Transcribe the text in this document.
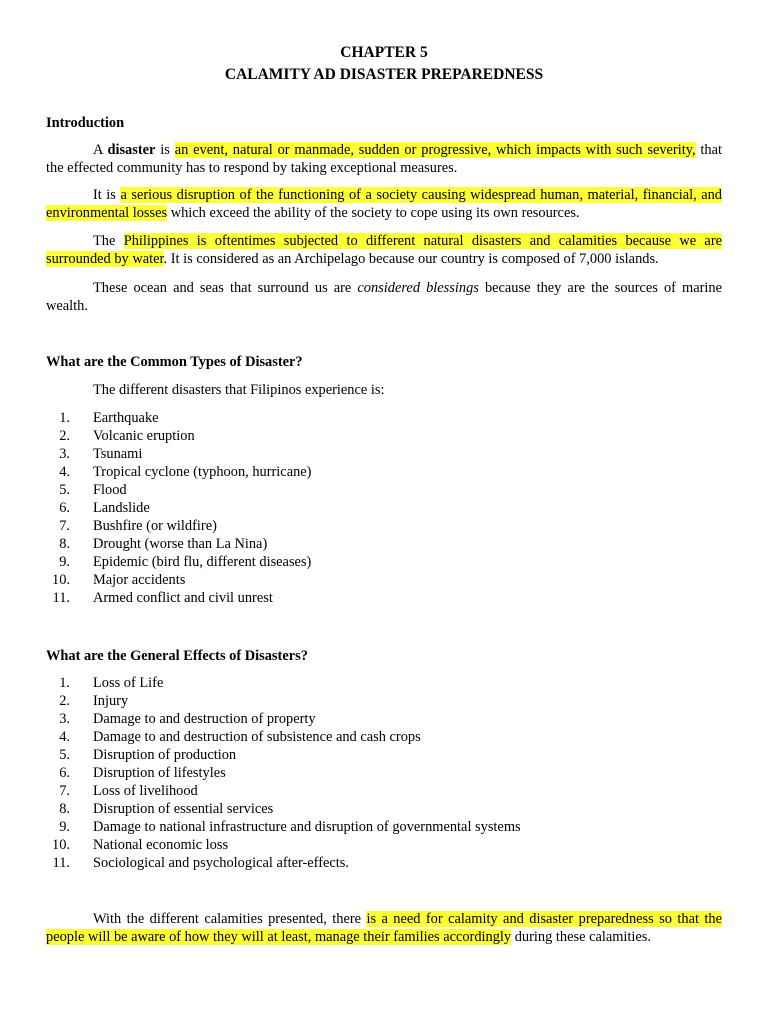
CHAPTER 5
CALAMITY AD DISASTER PREPAREDNESS
Introduction
A disaster is an event, natural or manmade, sudden or progressive, which impacts with such severity, that the effected community has to respond by taking exceptional measures.
It is a serious disruption of the functioning of a society causing widespread human, material, financial, and environmental losses which exceed the ability of the society to cope using its own resources.
The Philippines is oftentimes subjected to different natural disasters and calamities because we are surrounded by water. It is considered as an Archipelago because our country is composed of 7,000 islands.
These ocean and seas that surround us are considered blessings because they are the sources of marine wealth.
What are the Common Types of Disaster?
The different disasters that Filipinos experience is:
1. Earthquake
2. Volcanic eruption
3. Tsunami
4. Tropical cyclone (typhoon, hurricane)
5. Flood
6. Landslide
7. Bushfire (or wildfire)
8. Drought (worse than La Nina)
9. Epidemic (bird flu, different diseases)
10. Major accidents
11. Armed conflict and civil unrest
What are the General Effects of Disasters?
1. Loss of Life
2. Injury
3. Damage to and destruction of property
4. Damage to and destruction of subsistence and cash crops
5. Disruption of production
6. Disruption of lifestyles
7. Loss of livelihood
8. Disruption of essential services
9. Damage to national infrastructure and disruption of governmental systems
10. National economic loss
11. Sociological and psychological after-effects.
With the different calamities presented, there is a need for calamity and disaster preparedness so that the people will be aware of how they will at least, manage their families accordingly during these calamities.
